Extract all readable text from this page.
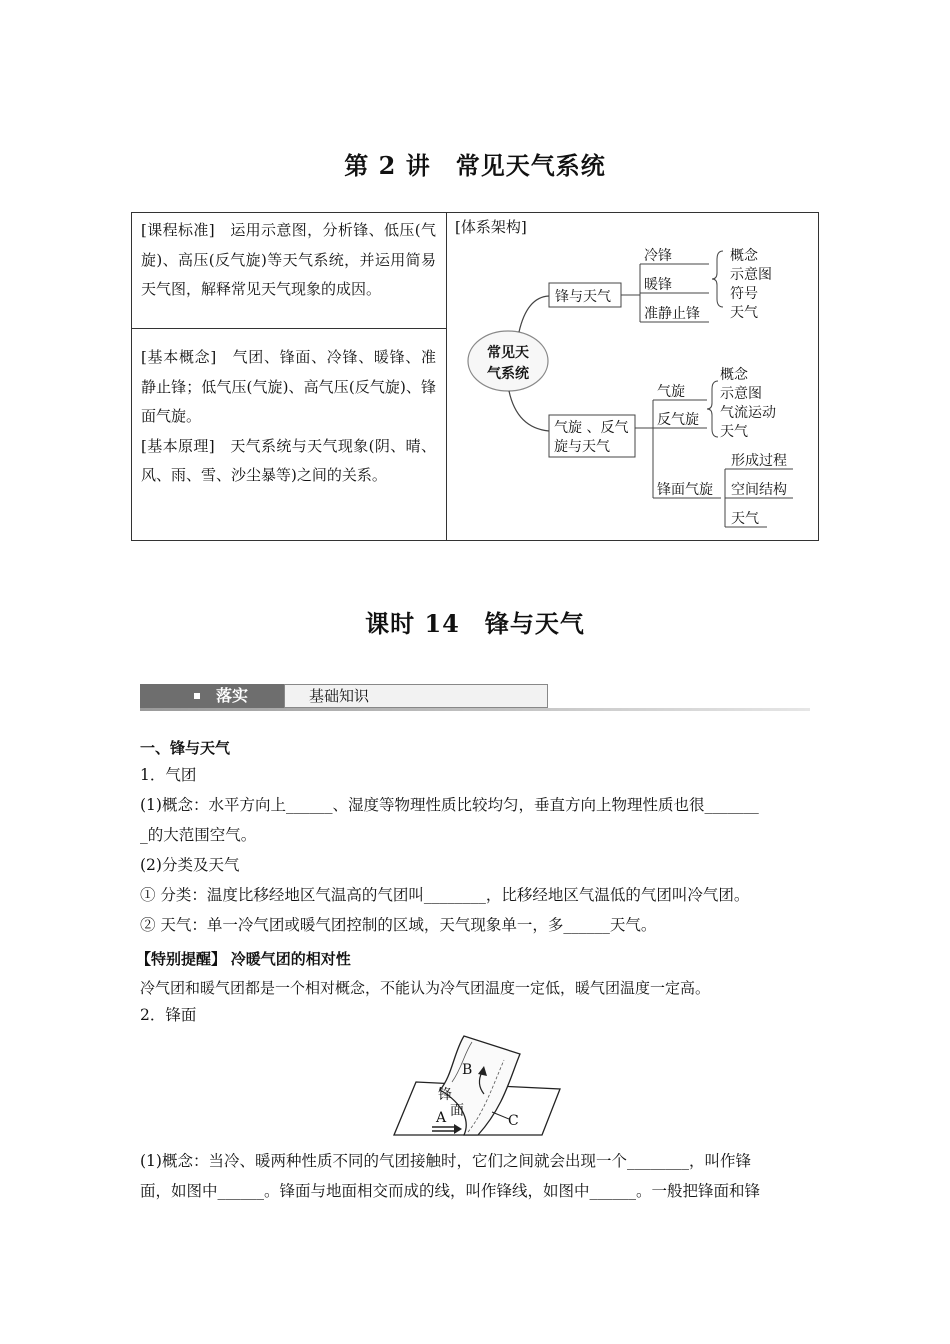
第 2 讲　常见天气系统
[课程标准]　 运用示意图，分析锋、低压(气旋)、高压(反气旋)等天气系统，并运用简易天气图，解释常见天气现象的成因。

[体系架构]
常见天
气系统
锋与天气
冷锋
暖锋
准静止锋
概念
示意图
符号
天气
气旋 、反气
旋与天气
气旋
反气旋
概念
示意图
气流运动
天气
锋面气旋
形成过程
空间结构
天气

[基本概念]　 气团、锋面、冷锋、暖锋、准静止锋；低气压(气旋)、高气压(反气旋)、锋面气旋。
[基本原理]　 天气系统与天气现象(阴、晴、风、雨、雪、沙尘暴等)之间的关系。
课时 14　锋与天气
落实	基础知识
一、锋与天气
1．气团
(1)概念：水平方向上______、湿度等物理性质比较均匀，垂直方向上物理性质也很_______
_的大范围空气。
(2)分类及天气
① 分类：温度比移经地区气温高的气团叫________，比移经地区气温低的气团叫冷气团。
② 天气：单一冷气团或暖气团控制的区域，天气现象单一，多______天气。
【特别提醒】 冷暖气团的相对性
冷气团和暖气团都是一个相对概念，不能认为冷气团温度一定低，暖气团温度一定高。
2．锋面
B
A	C
锋
面
(1)概念：当冷、暖两种性质不同的气团接触时，它们之间就会出现一个________，叫作锋
面，如图中______。锋面与地面相交而成的线，叫作锋线，如图中______。一般把锋面和锋
